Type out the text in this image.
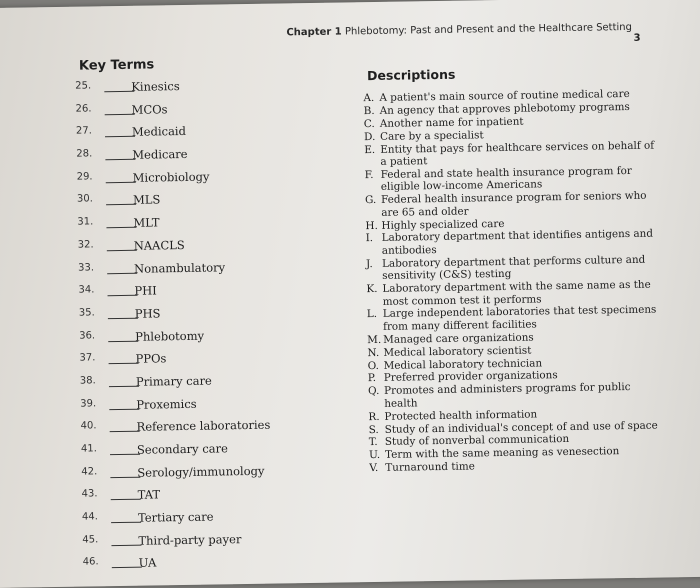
Chapter 1 Phlebotomy: Past and Present and the Healthcare Setting
3
Key Terms
25.	Kinesics
26.	MCOs
27.	Medicaid
28.	Medicare
29.	Microbiology
30.	MLS
31.	MLT
32.	NAACLS
33.	Nonambulatory
34.	PHI
35.	PHS
36.	Phlebotomy
37.	PPOs
38.	Primary care
39.	Proxemics
40.	Reference laboratories
41.	Secondary care
42.	Serology/immunology
43.	TAT
44.	Tertiary care
45.	Third-party payer
46.	UA
Descriptions
A. A patient's main source of routine medical care
B. An agency that approves phlebotomy programs
C. Another name for inpatient
D. Care by a specialist
E. Entity that pays for healthcare services on behalf of a patient
F. Federal and state health insurance program for eligible low-income Americans
G. Federal health insurance program for seniors who are 65 and older
H. Highly specialized care
I. Laboratory department that identifies antigens and antibodies
J. Laboratory department that performs culture and sensitivity (C&S) testing
K. Laboratory department with the same name as the most common test it performs
L. Large independent laboratories that test specimens from many different facilities
M. Managed care organizations
N. Medical laboratory scientist
O. Medical laboratory technician
P. Preferred provider organizations
Q. Promotes and administers programs for public health
R. Protected health information
S. Study of an individual's concept of and use of space
T. Study of nonverbal communication
U. Term with the same meaning as venesection
V. Turnaround time
